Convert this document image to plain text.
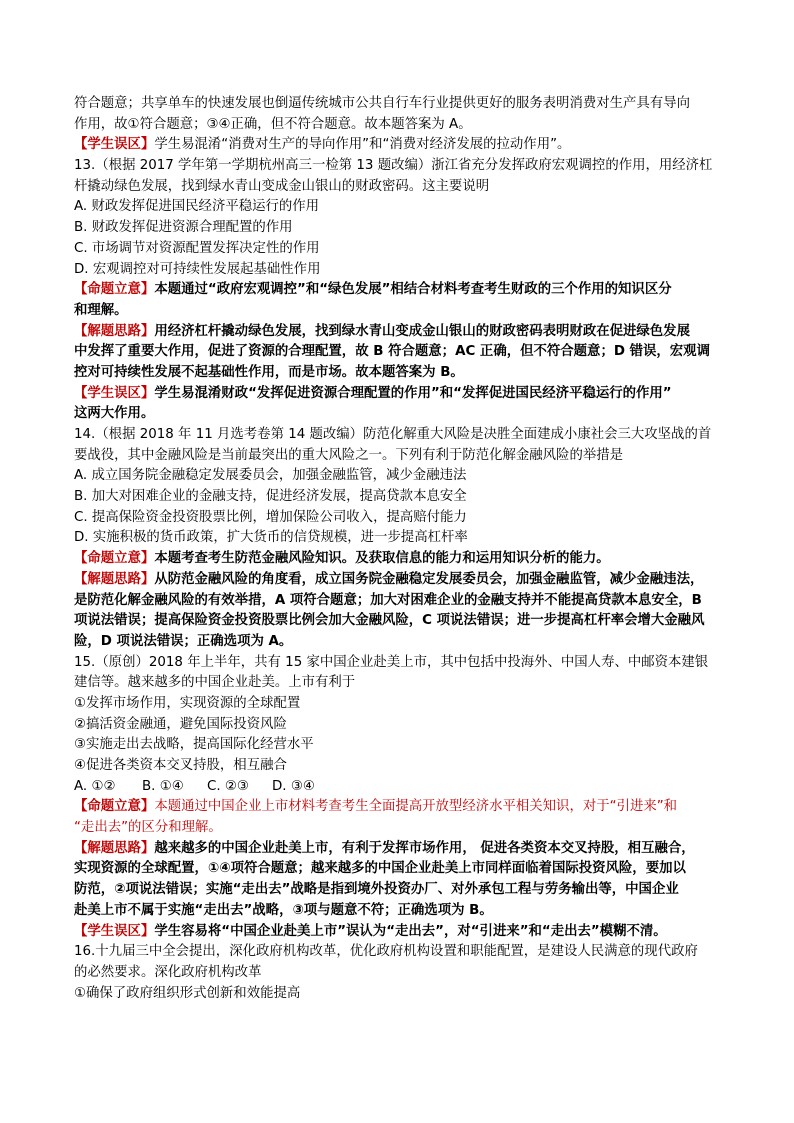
符合题意；共享单车的快速发展也倒逼传统城市公共自行车行业提供更好的服务表明消费对生产具有导向
作用，故①符合题意；③④正确，但不符合题意。故本题答案为 A。
【学生误区】学生易混淆“消费对生产的导向作用”和“消费对经济发展的拉动作用”。
13.（根据 2017 学年第一学期杭州高三一检第 13 题改编）浙江省充分发挥政府宏观调控的作用，用经济杠
杆撬动绿色发展，找到绿水青山变成金山银山的财政密码。这主要说明
A. 财政发挥促进国民经济平稳运行的作用
B. 财政发挥促进资源合理配置的作用
C. 市场调节对资源配置发挥决定性的作用
D. 宏观调控对可持续性发展起基础性作用
【命题立意】本题通过“政府宏观调控”和“绿色发展”相结合材料考查考生财政的三个作用的知识区分
和理解。
【解题思路】用经济杠杆撬动绿色发展，找到绿水青山变成金山银山的财政密码表明财政在促进绿色发展
中发挥了重要大作用，促进了资源的合理配置，故 B 符合题意；AC 正确，但不符合题意；D 错误，宏观调
控对可持续性发展不起基础性作用，而是市场。故本题答案为 B。
【学生误区】学生易混淆财政“发挥促进资源合理配置的作用”和“发挥促进国民经济平稳运行的作用”
这两大作用。
14.（根据 2018 年 11 月选考卷第 14 题改编）防范化解重大风险是决胜全面建成小康社会三大攻坚战的首
要战役，其中金融风险是当前最突出的重大风险之一。下列有利于防范化解金融风险的举措是
A. 成立国务院金融稳定发展委员会，加强金融监管，减少金融违法
B. 加大对困难企业的金融支持，促进经济发展，提高贷款本息安全
C. 提高保险资金投资股票比例，增加保险公司收入，提高赔付能力
D. 实施积极的货币政策，扩大货币的信贷规模，进一步提高杠杆率
【命题立意】本题考查考生防范金融风险知识。及获取信息的能力和运用知识分析的能力。
【解题思路】从防范金融风险的角度看，成立国务院金融稳定发展委员会，加强金融监管，减少金融违法，
是防范化解金融风险的有效举措，A 项符合题意；加大对困难企业的金融支持并不能提高贷款本息安全，B
项说法错误；提高保险资金投资股票比例会加大金融风险，C 项说法错误；进一步提高杠杆率会增大金融风
险，D 项说法错误；正确选项为 A。
15.（原创）2018 年上半年，共有 15 家中国企业赴美上市，其中包括中投海外、中国人寿、中邮资本建银
建信等。越来越多的中国企业赴美。上市有利于
①发挥市场作用，实现资源的全球配置
②搞活资金融通，避免国际投资风险
③实施走出去战略，提高国际化经营水平
④促进各类资本交叉持股，相互融合
A. ①② B. ①④ C. ②③ D. ③④
【命题立意】本题通过中国企业上市材料考查考生全面提高开放型经济水平相关知识，对于“引进来”和
“走出去”的区分和理解。
【解题思路】越来越多的中国企业赴美上市，有利于发挥市场作用， 促进各类资本交叉持股，相互融合，
实现资源的全球配置，①④项符合题意；越来越多的中国企业赴美上市同样面临着国际投资风险，要加以
防范，②项说法错误；实施“走出去”战略是指到境外投资办厂、对外承包工程与劳务输出等，中国企业
赴美上市不属于实施“走出去”战略，③项与题意不符；正确选项为 B。
【学生误区】学生容易将“中国企业赴美上市”误认为“走出去”，对“引进来”和“走出去”模糊不清。
16.十九届三中全会提出，深化政府机构改革，优化政府机构设置和职能配置，是建设人民满意的现代政府
的必然要求。深化政府机构改革
①确保了政府组织形式创新和效能提高
